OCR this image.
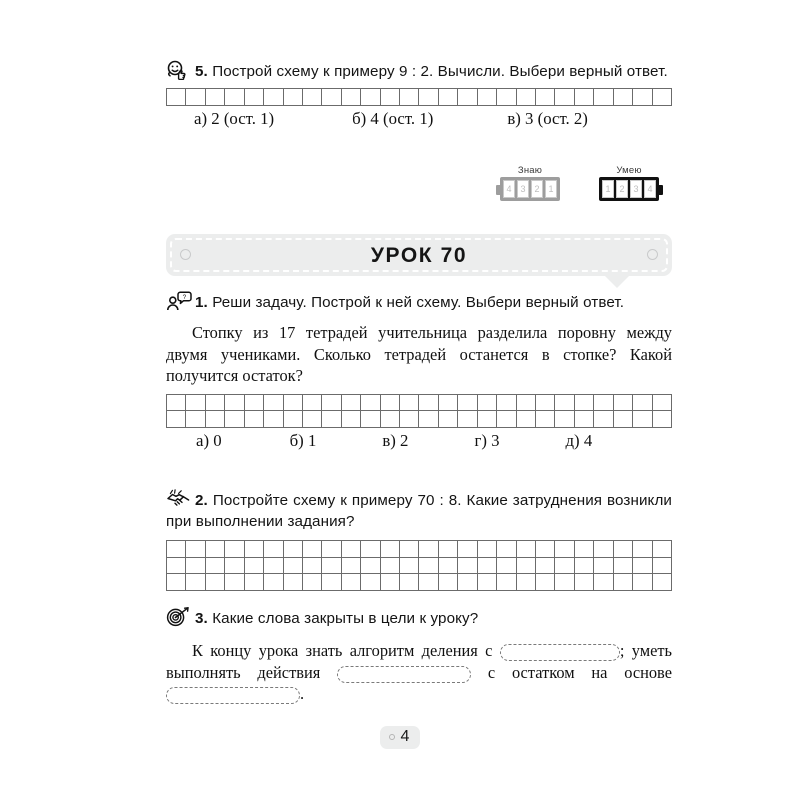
5. Построй схему к примеру 9 : 2. Вычисли. Выбери верный ответ.
а) 2 (ост. 1)	б) 4 (ост. 1)	в) 3 (ост. 2)
Знаю
4 3 2 1
Умею
1 2 3 4
УРОК 70
? 1. Реши задачу. Построй к ней схему. Выбери верный ответ.
Стопку из 17 тетрадей учительница разделила поровну между двумя учениками. Сколько тетрадей останется в стопке? Какой получится остаток?
а) 0	б) 1	в) 2	г) 3	д) 4
2. Постройте схему к примеру 70 : 8. Какие затруднения возникли при выполнении задания?
3. Какие слова закрыты в цели к уроку?
К концу урока знать алгоритм деления с	; уметь выполнять действия	с остатком на основе .
4
